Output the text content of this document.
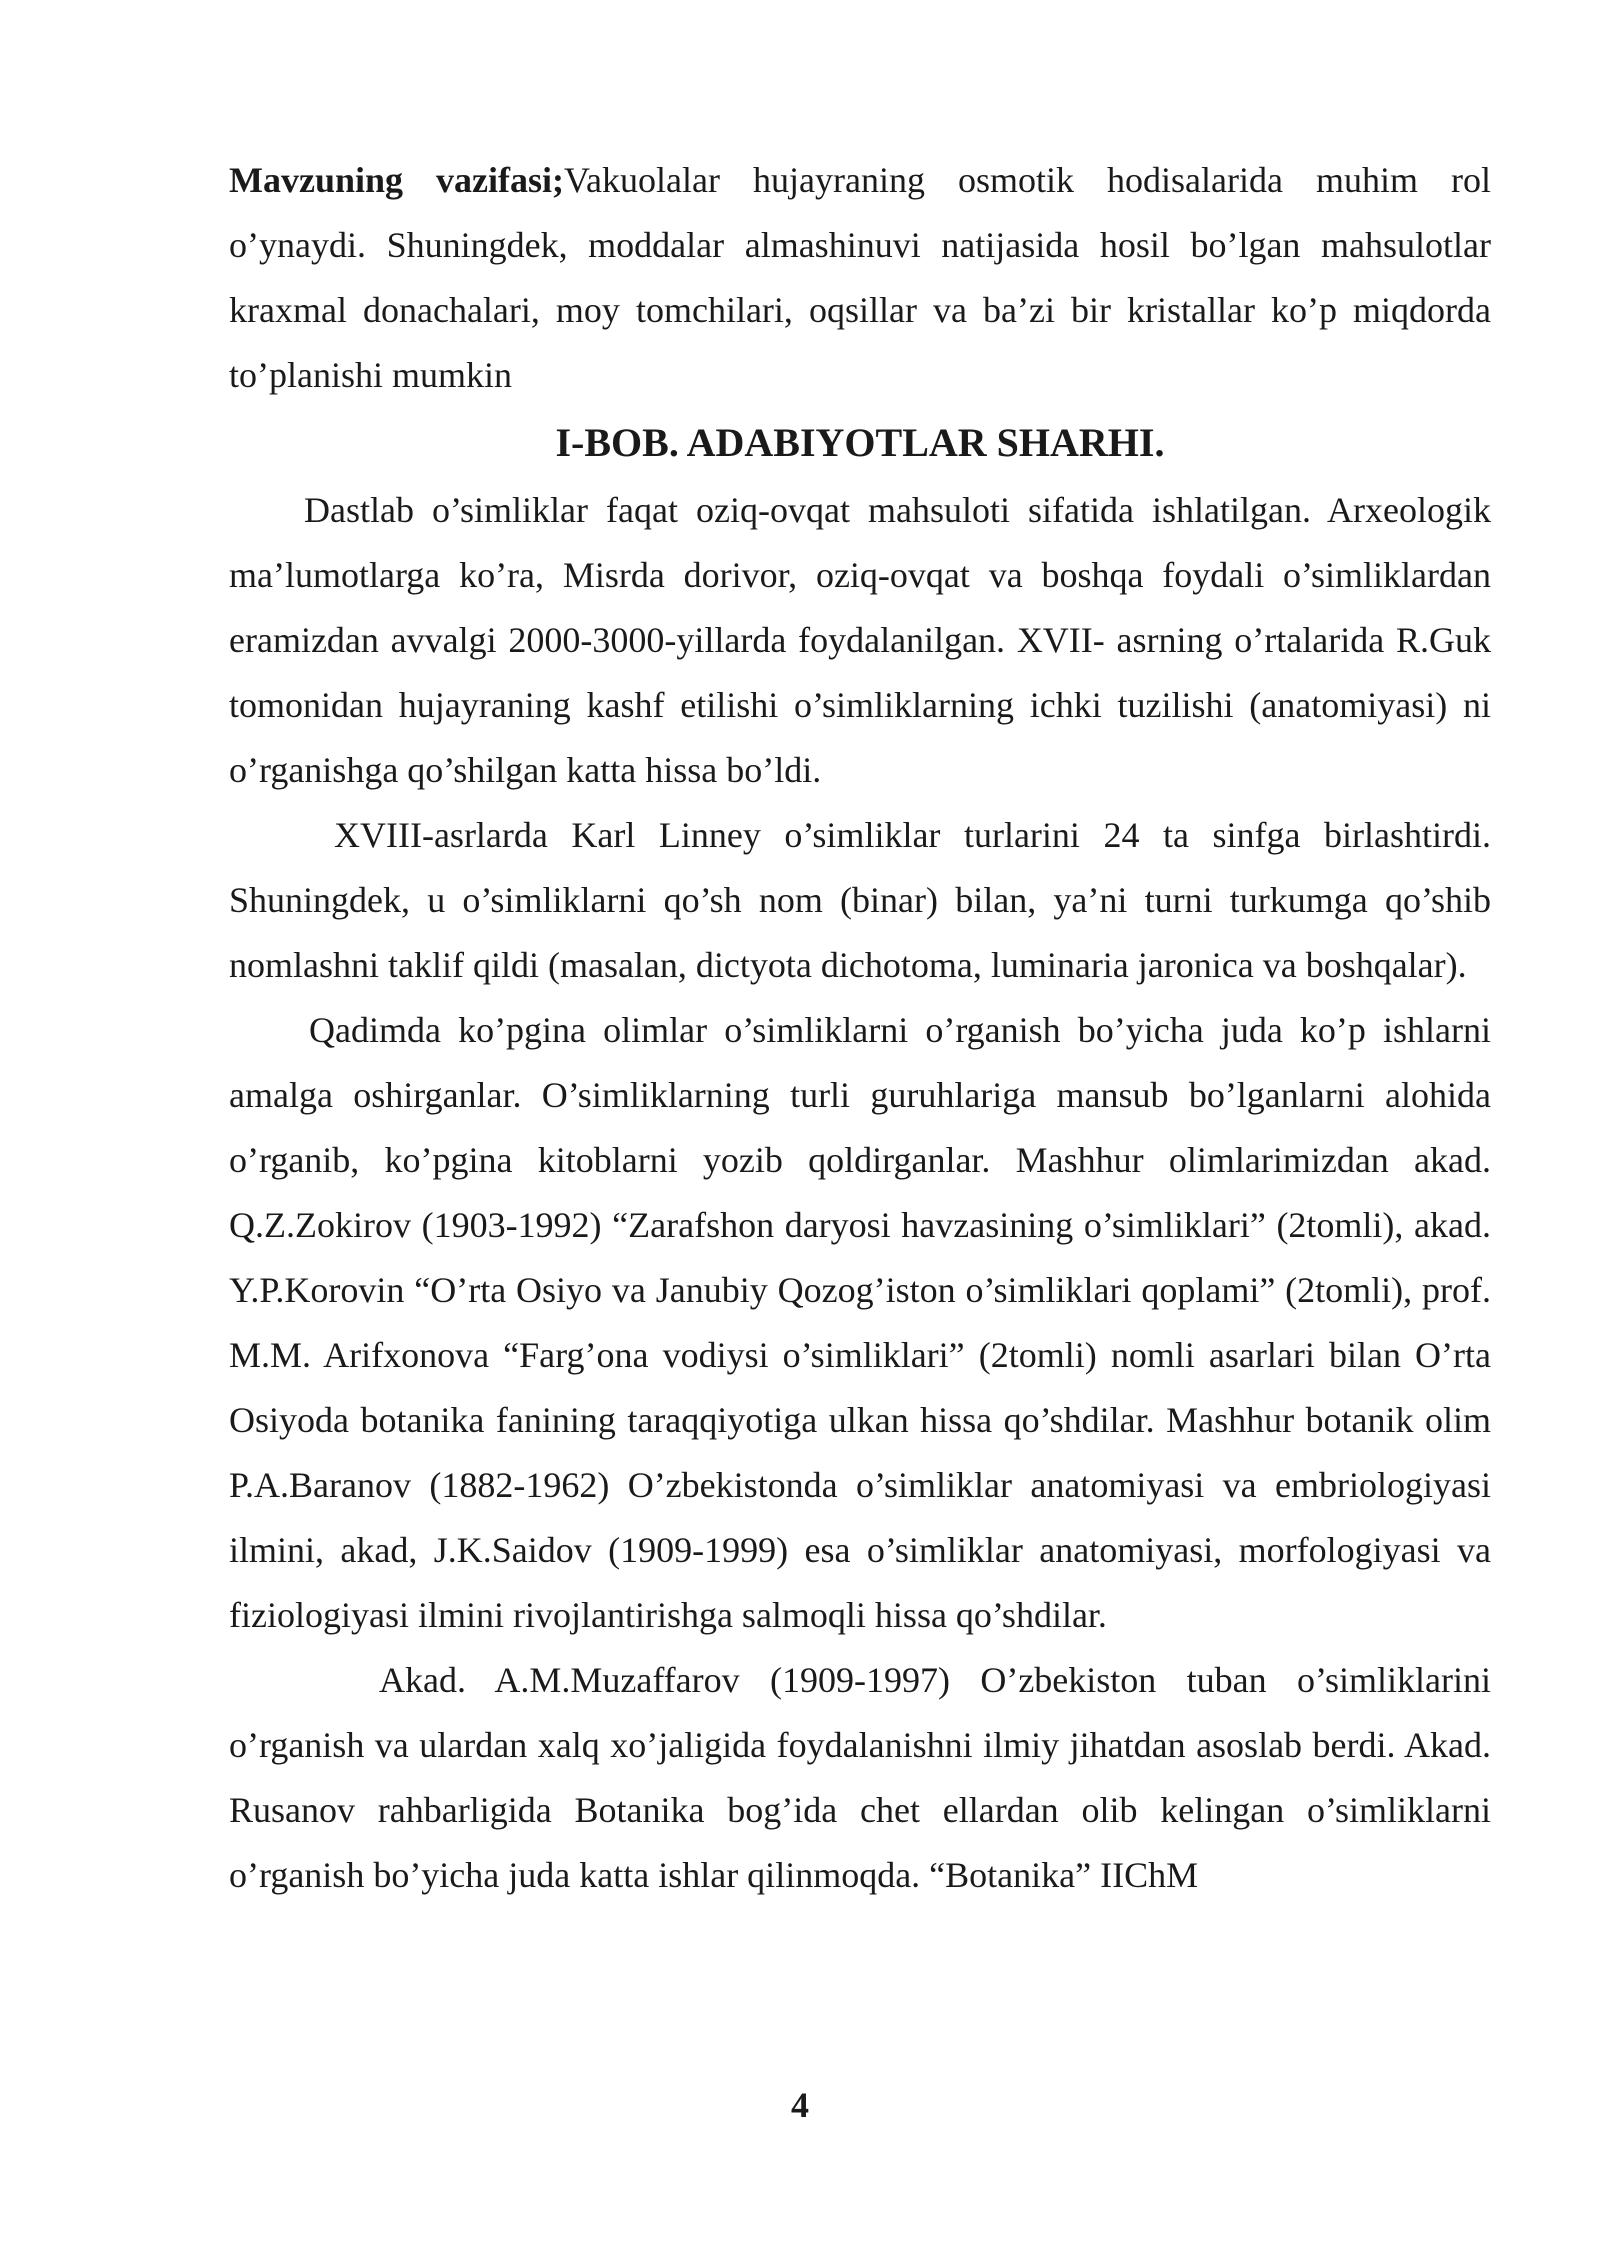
Mavzuning vazifasi;Vakuolalar hujayraning osmotik hodisalarida muhim rol o’ynaydi. Shuningdek, moddalar almashinuvi natijasida hosil bo’lgan mahsulotlar kraxmal donachalari, moy tomchilari, oqsillar va ba’zi bir kristallar ko’p miqdorda to’planishi mumkin

I-BOB. ADABIYOTLAR SHARHI.

Dastlab o’simliklar faqat oziq-ovqat mahsuloti sifatida ishlatilgan. Arxeologik ma’lumotlarga ko’ra, Misrda dorivor, oziq-ovqat va boshqa foydali o’simliklardan eramizdan avvalgi 2000-3000-yillarda foydalanilgan. XVII- asrning o’rtalarida R.Guk tomonidan hujayraning kashf etilishi o’simliklarning ichki tuzilishi (anatomiyasi) ni o’rganishga qo’shilgan katta hissa bo’ldi.

XVIII-asrlarda Karl Linney o’simliklar turlarini 24 ta sinfga birlashtirdi. Shuningdek, u o’simliklarni qo’sh nom (binar) bilan, ya’ni turni turkumga qo’shib nomlashni taklif qildi (masalan, dictyota dichotoma, luminaria jaronica va boshqalar).

Qadimda ko’pgina olimlar o’simliklarni o’rganish bo’yicha juda ko’p ishlarni amalga oshirganlar. O’simliklarning turli guruhlariga mansub bo’lganlarni alohida o’rganib, ko’pgina kitoblarni yozib qoldirganlar. Mashhur olimlarimizdan akad. Q.Z.Zokirov (1903-1992) “Zarafshon daryosi havzasining o’simliklari” (2tomli), akad. Y.P.Korovin “O’rta Osiyo va Janubiy Qozog’iston o’simliklari qoplami” (2tomli), prof. M.M. Arifxonova “Farg’ona vodiysi o’simliklari” (2tomli) nomli asarlari bilan O’rta Osiyoda botanika fanining taraqqiyotiga ulkan hissa qo’shdilar. Mashhur botanik olim P.A.Baranov (1882-1962) O’zbekistonda o’simliklar anatomiyasi va embriologiyasi ilmini, akad, J.K.Saidov (1909-1999) esa o’simliklar anatomiyasi, morfologiyasi va fiziologiyasi ilmini rivojlantirishga salmoqli hissa qo’shdilar.

Akad. A.M.Muzaffarov (1909-1997) O’zbekiston tuban o’simliklarini o’rganish va ulardan xalq xo’jaligida foydalanishni ilmiy jihatdan asoslab berdi. Akad. Rusanov rahbarligida Botanika bog’ida chet ellardan olib kelingan o’simliklarni o’rganish bo’yicha juda katta ishlar qilinmoqda. “Botanika” IIChM

4
